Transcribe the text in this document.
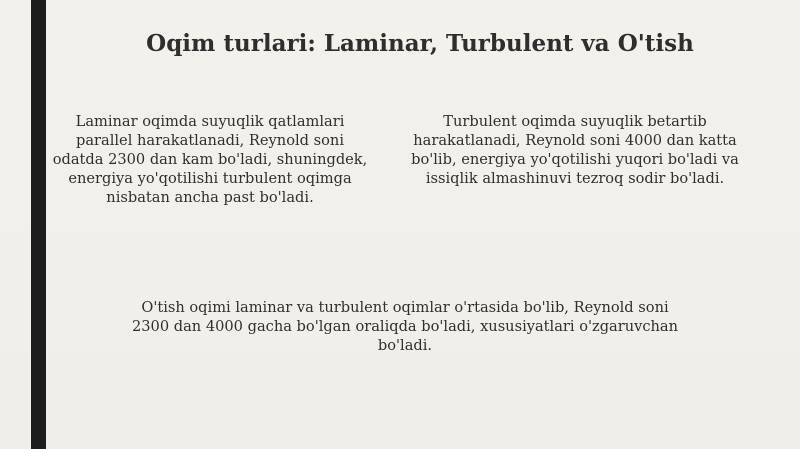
Oqim turlari: Laminar, Turbulent va O'tish
Laminar oqimda suyuqlik qatlamlari parallel harakatlanadi, Reynold soni odatda 2300 dan kam bo'ladi, shuningdek, energiya yo'qotilishi turbulent oqimga nisbatan ancha past bo'ladi.
Turbulent oqimda suyuqlik betartib harakatlanadi, Reynold soni 4000 dan katta bo'lib, energiya yo'qotilishi yuqori bo'ladi va issiqlik almashinuvi tezroq sodir bo'ladi.
O'tish oqimi laminar va turbulent oqimlar o'rtasida bo'lib, Reynold soni 2300 dan 4000 gacha bo'lgan oraliqda bo'ladi, xususiyatlari o'zgaruvchan bo'ladi.
